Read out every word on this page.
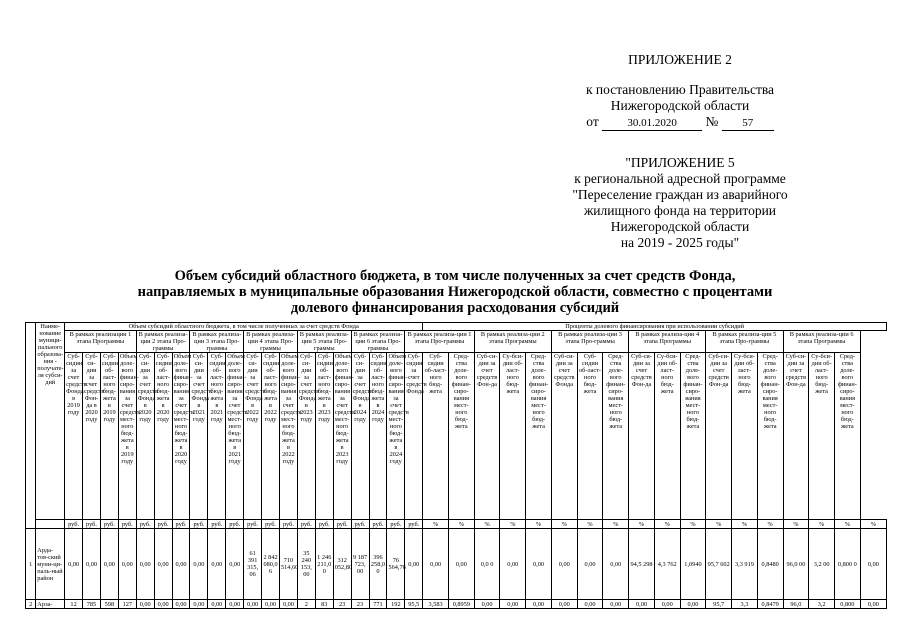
ПРИЛОЖЕНИЕ 2
к постановлению Правительства
Нижегородской области
от	30.01.2020 № 57
"ПРИЛОЖЕНИЕ 5
к региональной адресной программе
"Переселение граждан из аварийного
жилищного фонда на территории
Нижегородской области
на 2019 - 2025 годы"
Объем субсидий областного бюджета, в том числе полученных за счет средств Фонда,
направляемых в муниципальные образования Нижегородской области, совместно с процентами
долевого финансирования расходования субсидий
	Наиме-нование муници-пального образова-ния - получате-ля субси-дий	Объем субсидий областного бюджета, в том числе полученных за счет средств Фонда																				Проценты долевого финансирования при использовании субсидий																	
		В рамках реализации 1 этапа Программы				В рамках реализа-ции 2 этапа Про-граммы			В рамках реализа-ции 3 этапа Про-граммы			В рамках реализа-ции 4 этапа Про-граммы			В рамках реализа-ции 5 этапа Про-граммы			В рамках реализа-ции 6 этапа Про-граммы			В рамках реализа-ции 1 этапа Про-граммы			В рамках реализа-ции 2 этапа Программы			В рамках реализа-ции 3 этапа Про-граммы			В рамках реализа-ции 4 этапа Программы			В рамках реализа-ции 5 этапа Про-граммы			В рамках реализа-ции 6 этапа Программы			
		Суб-сидии за счет средств Фонда в 2019 году	Суб-си-дии за счет средств Фон-да в 2020 году	Суб-сидии об-ласт-ного бюд-жета в 2019 году	Объем доле-вого финан-сиро-вания за счет средств мест-ного бюд-жета в 2019 году	Суб-си-дии за счет средств Фонда в 2020 году	Суб-сидии об-ласт-ного бюд-жета в 2020 году	Объем доле-вого финан-сиро-вания за счет средств мест-ного бюд-жета в 2020 году	Суб-си-дии за счет средств Фонда в 2021 году	Суб-сидии об-ласт-ного бюд-жета в 2021 году	Объем доле-вого финан-сиро-вания за счет средств мест-ного бюд-жета в 2021 году	Суб-си-дии за счет средств Фонда в 2022 году	Суб-сидии об-ласт-ного бюд-жета в 2022 году	Объем доле-вого финан-сиро-вания за счет средств мест-ного бюд-жета в 2022 году	Суб-си-дии за счет средств Фонда в 2023 году	Суб-сидии об-ласт-ного бюд-жета в 2023 году	Объем доле-вого финан-сиро-вания за счет средств мест-ного бюд-жета в 2023 году	Суб-си-дии за счет средств Фонда в 2024 году	Суб-сидии об-ласт-ного бюд-жета в 2024 году	Объем доле-вого финан-сиро-вания за счет средств мест-ного бюд-жета в 2024 году	Суб-сидии за счет средств Фонда	Суб-сидии об-ласт-ного бюд-жета	Сред-ства доле-вого финан-сиро-вания мест-ного бюд-жета	Суб-си-дии за счет средств Фон-да	Су-бси-дии об-ласт-ного бюд-жета	Сред-ства доле-вого финан-сиро-вания мест-ного бюд-жета	Суб-си-дии за счет средств Фонда	Суб-сидии об-ласт-ного бюд-жета	Сред-ства доле-вого финан-сиро-вания мест-ного бюд-жета	Суб-си-дии за счет средств Фон-да	Су-бси-дии об-ласт-ного бюд-жета	Сред-ства доле-вого финан-сиро-вания мест-ного бюд-жета	Суб-си-дии за счет средств Фон-да	Су-бси-дии об-ласт-ного бюд-жета	Сред-ства доле-вого финан-сиро-вания мест-ного бюд-жета	Суб-си-дии за счет средств Фон-да	Су-бси-дии об-ласт-ного бюд-жета	Сред-ства доле-вого финан-сиро-вания мест-ного бюд-жета	
		руб.	руб.	руб.	руб.	руб.	руб.	руб.	руб.	руб.	руб.	руб.	руб.	руб.	руб.	руб.	руб.	руб.	руб.	руб.	руб.	%	%	%	%	%	%	%	%	%	%	%	%	%	%	%	%	%	%
1	Арда-тов-ский муни-ци-паль-ный район	0,00	0,00	0,00	0,00	0,00	0,00	0,00	0,00	0,00	0,00	61 391 315, 06	2 842 080,0 6	710 514,60	35 240 153, 00	1 246 211,0 0	312 052,80	9 187 723, 00	396 258,0 0	76 564,76	0,00	0,00	0,00	0,0 0	0,00	0,00	0,00	0,00	0,00	94,5 298	4,3 762	1,0940	95,7 602	3,3 919	0,8480	96,0 00	3,2 00	0,800 0	0,00
2	Арза-	12	785	598	127	0,00	0,00	0,00	0,00	0,00	0,00	0,00	0,00	0,00	2	83	23	23	771	192	95,5	3,583	0,8959	0,00	0,00	0,00	0,00	0,00	0,00	0,00	0,00	0,00	95,7	3,3	0,8479	96,0	3,2	0,800	0,00
